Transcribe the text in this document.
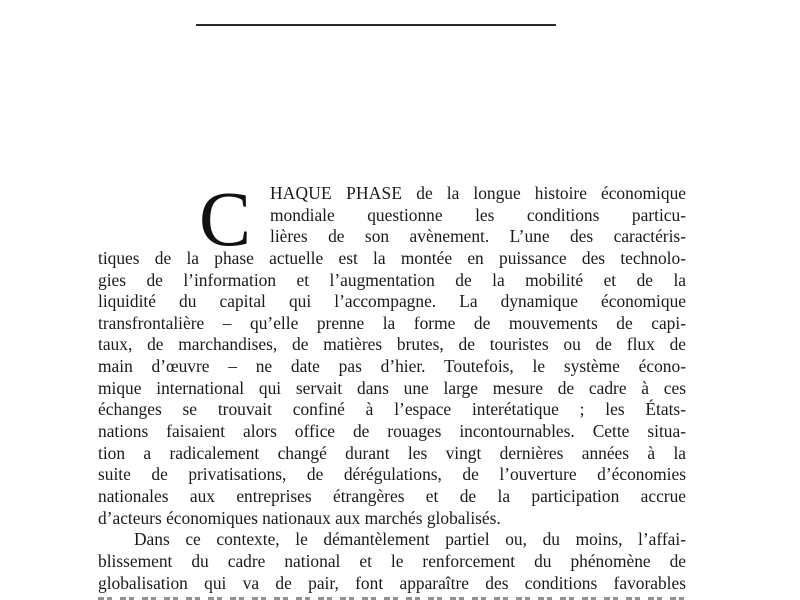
C HAQUE PHASE de la longue histoire économique
mondiale questionne les conditions particu-
lières de son avènement. L’une des caractéris-
tiques de la phase actuelle est la montée en puissance des technolo-
gies de l’information et l’augmentation de la mobilité et de la
liquidité du capital qui l’accompagne. La dynamique économique
transfrontalière – qu’elle prenne la forme de mouvements de capi-
taux, de marchandises, de matières brutes, de touristes ou de flux de
main d’œuvre – ne date pas d’hier. Toutefois, le système écono-
mique international qui servait dans une large mesure de cadre à ces
échanges se trouvait confiné à l’espace interétatique ; les États-
nations faisaient alors office de rouages incontournables. Cette situa-
tion a radicalement changé durant les vingt dernières années à la
suite de privatisations, de dérégulations, de l’ouverture d’économies
nationales aux entreprises étrangères et de la participation accrue
d’acteurs économiques nationaux aux marchés globalisés.
Dans ce contexte, le démantèlement partiel ou, du moins, l’affai-
blissement du cadre national et le renforcement du phénomène de
globalisation qui va de pair, font apparaître des conditions favorables
